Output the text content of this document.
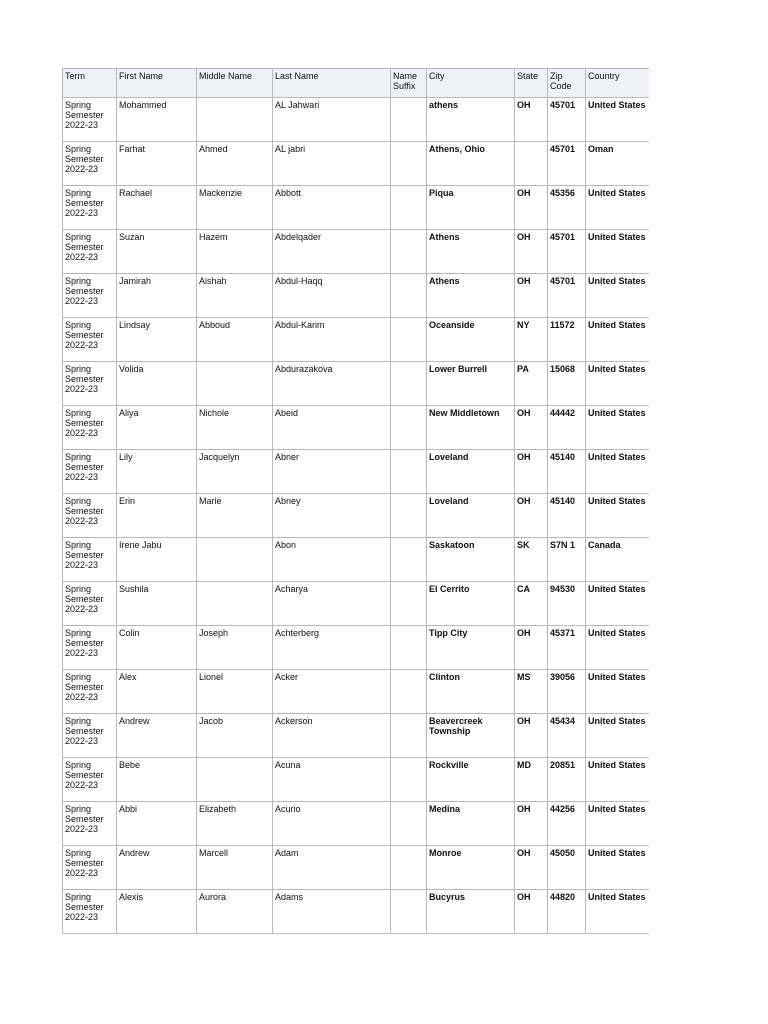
Term	First Name	Middle Name	Last Name	Name Suffix	City	State	Zip Code	Country
Spring Semester 2022-23	Mohammed		AL Jahwari		athens	OH	45701	United States
Spring Semester 2022-23	Farhat	Ahmed	AL jabri		Athens, Ohio		45701	Oman
Spring Semester 2022-23	Rachael	Mackenzie	Abbott		Piqua	OH	45356	United States
Spring Semester 2022-23	Suzan	Hazem	Abdelqader		Athens	OH	45701	United States
Spring Semester 2022-23	Jamirah	Aishah	Abdul-Haqq		Athens	OH	45701	United States
Spring Semester 2022-23	Lindsay	Abboud	Abdul-Karim		Oceanside	NY	11572	United States
Spring Semester 2022-23	Volida		Abdurazakova		Lower Burrell	PA	15068	United States
Spring Semester 2022-23	Aliya	Nichole	Abeid		New Middletown	OH	44442	United States
Spring Semester 2022-23	Lily	Jacquelyn	Abner		Loveland	OH	45140	United States
Spring Semester 2022-23	Erin	Marie	Abney		Loveland	OH	45140	United States
Spring Semester 2022-23	Irene Jabu		Abon		Saskatoon	SK	S7N 1	Canada
Spring Semester 2022-23	Sushila		Acharya		El Cerrito	CA	94530	United States
Spring Semester 2022-23	Colin	Joseph	Achterberg		Tipp City	OH	45371	United States
Spring Semester 2022-23	Alex	Lionel	Acker		Clinton	MS	39056	United States
Spring Semester 2022-23	Andrew	Jacob	Ackerson		Beavercreek Township	OH	45434	United States
Spring Semester 2022-23	Bebe		Acuna		Rockville	MD	20851	United States
Spring Semester 2022-23	Abbi	Elizabeth	Acurio		Medina	OH	44256	United States
Spring Semester 2022-23	Andrew	Marcell	Adam		Monroe	OH	45050	United States
Spring Semester 2022-23	Alexis	Aurora	Adams		Bucyrus	OH	44820	United States
